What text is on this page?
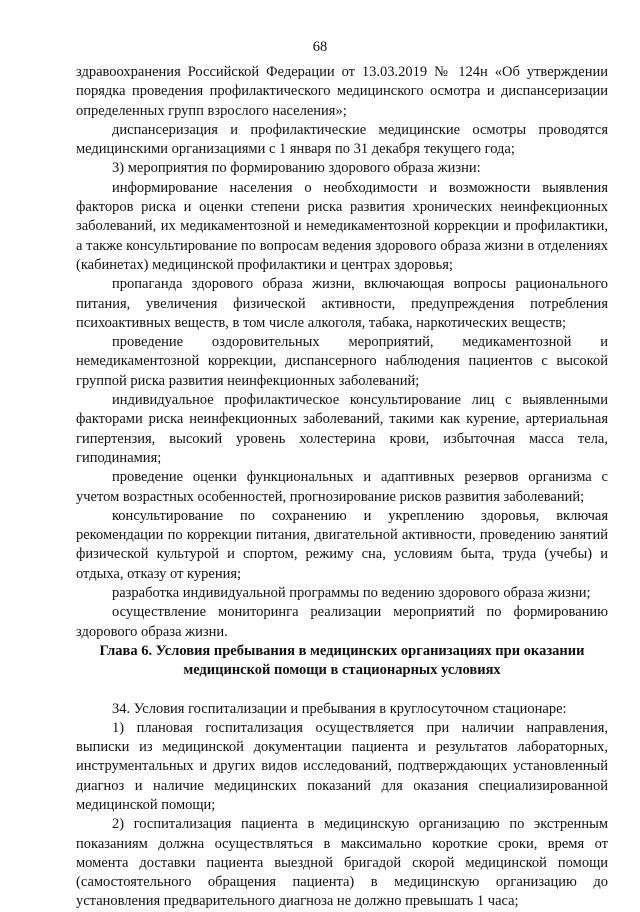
68

здравоохранения Российской Федерации от 13.03.2019 № 124н «Об утверждении порядка проведения профилактического медицинского осмотра и диспансеризации определенных групп взрослого населения»;

диспансеризация и профилактические медицинские осмотры проводятся медицинскими организациями с 1 января по 31 декабря текущего года;

3) мероприятия по формированию здорового образа жизни:

информирование населения о необходимости и возможности выявления факторов риска и оценки степени риска развития хронических неинфекционных заболеваний, их медикаментозной и немедикаментозной коррекции и профилактики, а также консультирование по вопросам ведения здорового образа жизни в отделениях (кабинетах) медицинской профилактики и центрах здоровья;

пропаганда здорового образа жизни, включающая вопросы рационального питания, увеличения физической активности, предупреждения потребления психоактивных веществ, в том числе алкоголя, табака, наркотических веществ;

проведение оздоровительных мероприятий, медикаментозной и немедикаментозной коррекции, диспансерного наблюдения пациентов с высокой группой риска развития неинфекционных заболеваний;

индивидуальное профилактическое консультирование лиц с выявленными факторами риска неинфекционных заболеваний, такими как курение, артериальная гипертензия, высокий уровень холестерина крови, избыточная масса тела, гиподинамия;

проведение оценки функциональных и адаптивных резервов организма с учетом возрастных особенностей, прогнозирование рисков развития заболеваний;

консультирование по сохранению и укреплению здоровья, включая рекомендации по коррекции питания, двигательной активности, проведению занятий физической культурой и спортом, режиму сна, условиям быта, труда (учебы) и отдыха, отказу от курения;

разработка индивидуальной программы по ведению здорового образа жизни;

осуществление мониторинга реализации мероприятий по формированию здорового образа жизни.

Глава 6. Условия пребывания в медицинских организациях при оказании медицинской помощи в стационарных условиях

34. Условия госпитализации и пребывания в круглосуточном стационаре:

1) плановая госпитализация осуществляется при наличии направления, выписки из медицинской документации пациента и результатов лабораторных, инструментальных и других видов исследований, подтверждающих установленный диагноз и наличие медицинских показаний для оказания специализированной медицинской помощи;

2) госпитализация пациента в медицинскую организацию по экстренным показаниям должна осуществляться в максимально короткие сроки, время от момента доставки пациента выездной бригадой скорой медицинской помощи (самостоятельного обращения пациента) в медицинскую организацию до установления предварительного диагноза не должно превышать 1 часа;
